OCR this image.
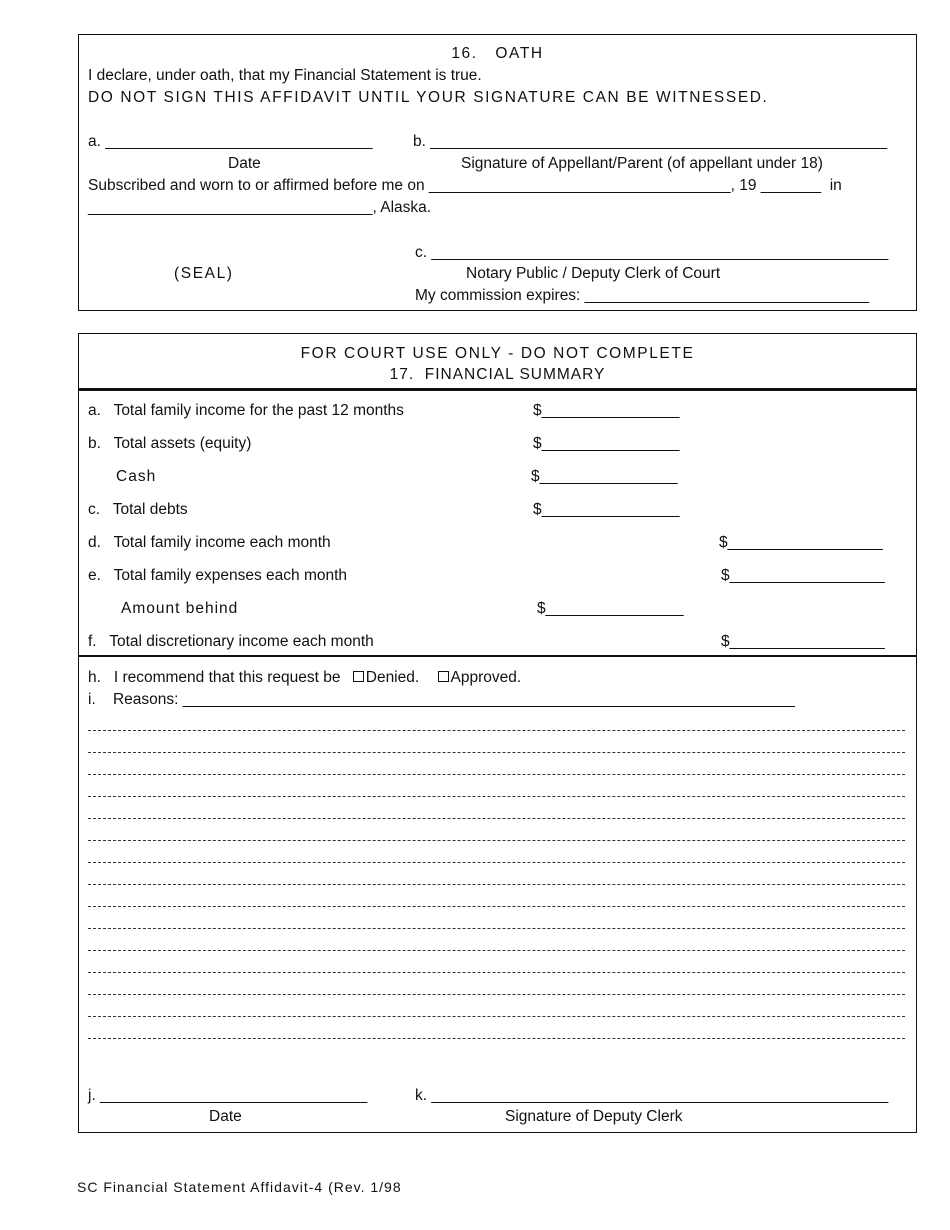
16.   OATH
I declare, under oath, that my Financial Statement is true.
DO NOT SIGN THIS AFFIDAVIT UNTIL YOUR SIGNATURE CAN BE WITNESSED.
a. _______________________________	b. _____________________________________________________
Date	Signature of Appellant/Parent (of appellant under 18)
Subscribed and worn to or affirmed before me on ___________________________________, 19 _______  in
_________________________________, Alaska.
c. _____________________________________________________
(SEAL)	Notary Public / Deputy Clerk of Court
My commission expires: _________________________________
FOR COURT USE ONLY - DO NOT COMPLETE
17.  FINANCIAL SUMMARY
a.   Total family income for the past 12 months	$________________
b.   Total assets (equity)	$________________
Cash	$________________
c.   Total debts	$________________
d.   Total family income each month	$__________________
e.   Total family expenses each month	$__________________
Amount behind	$________________
f.   Total discretionary income each month	$__________________
h.   I recommend that this request be Denied. Approved.
i.    Reasons: _______________________________________________________________________
j. _______________________________	k. _____________________________________________________
Date	Signature of Deputy Clerk
SC Financial Statement Affidavit-4 (Rev. 1/98
